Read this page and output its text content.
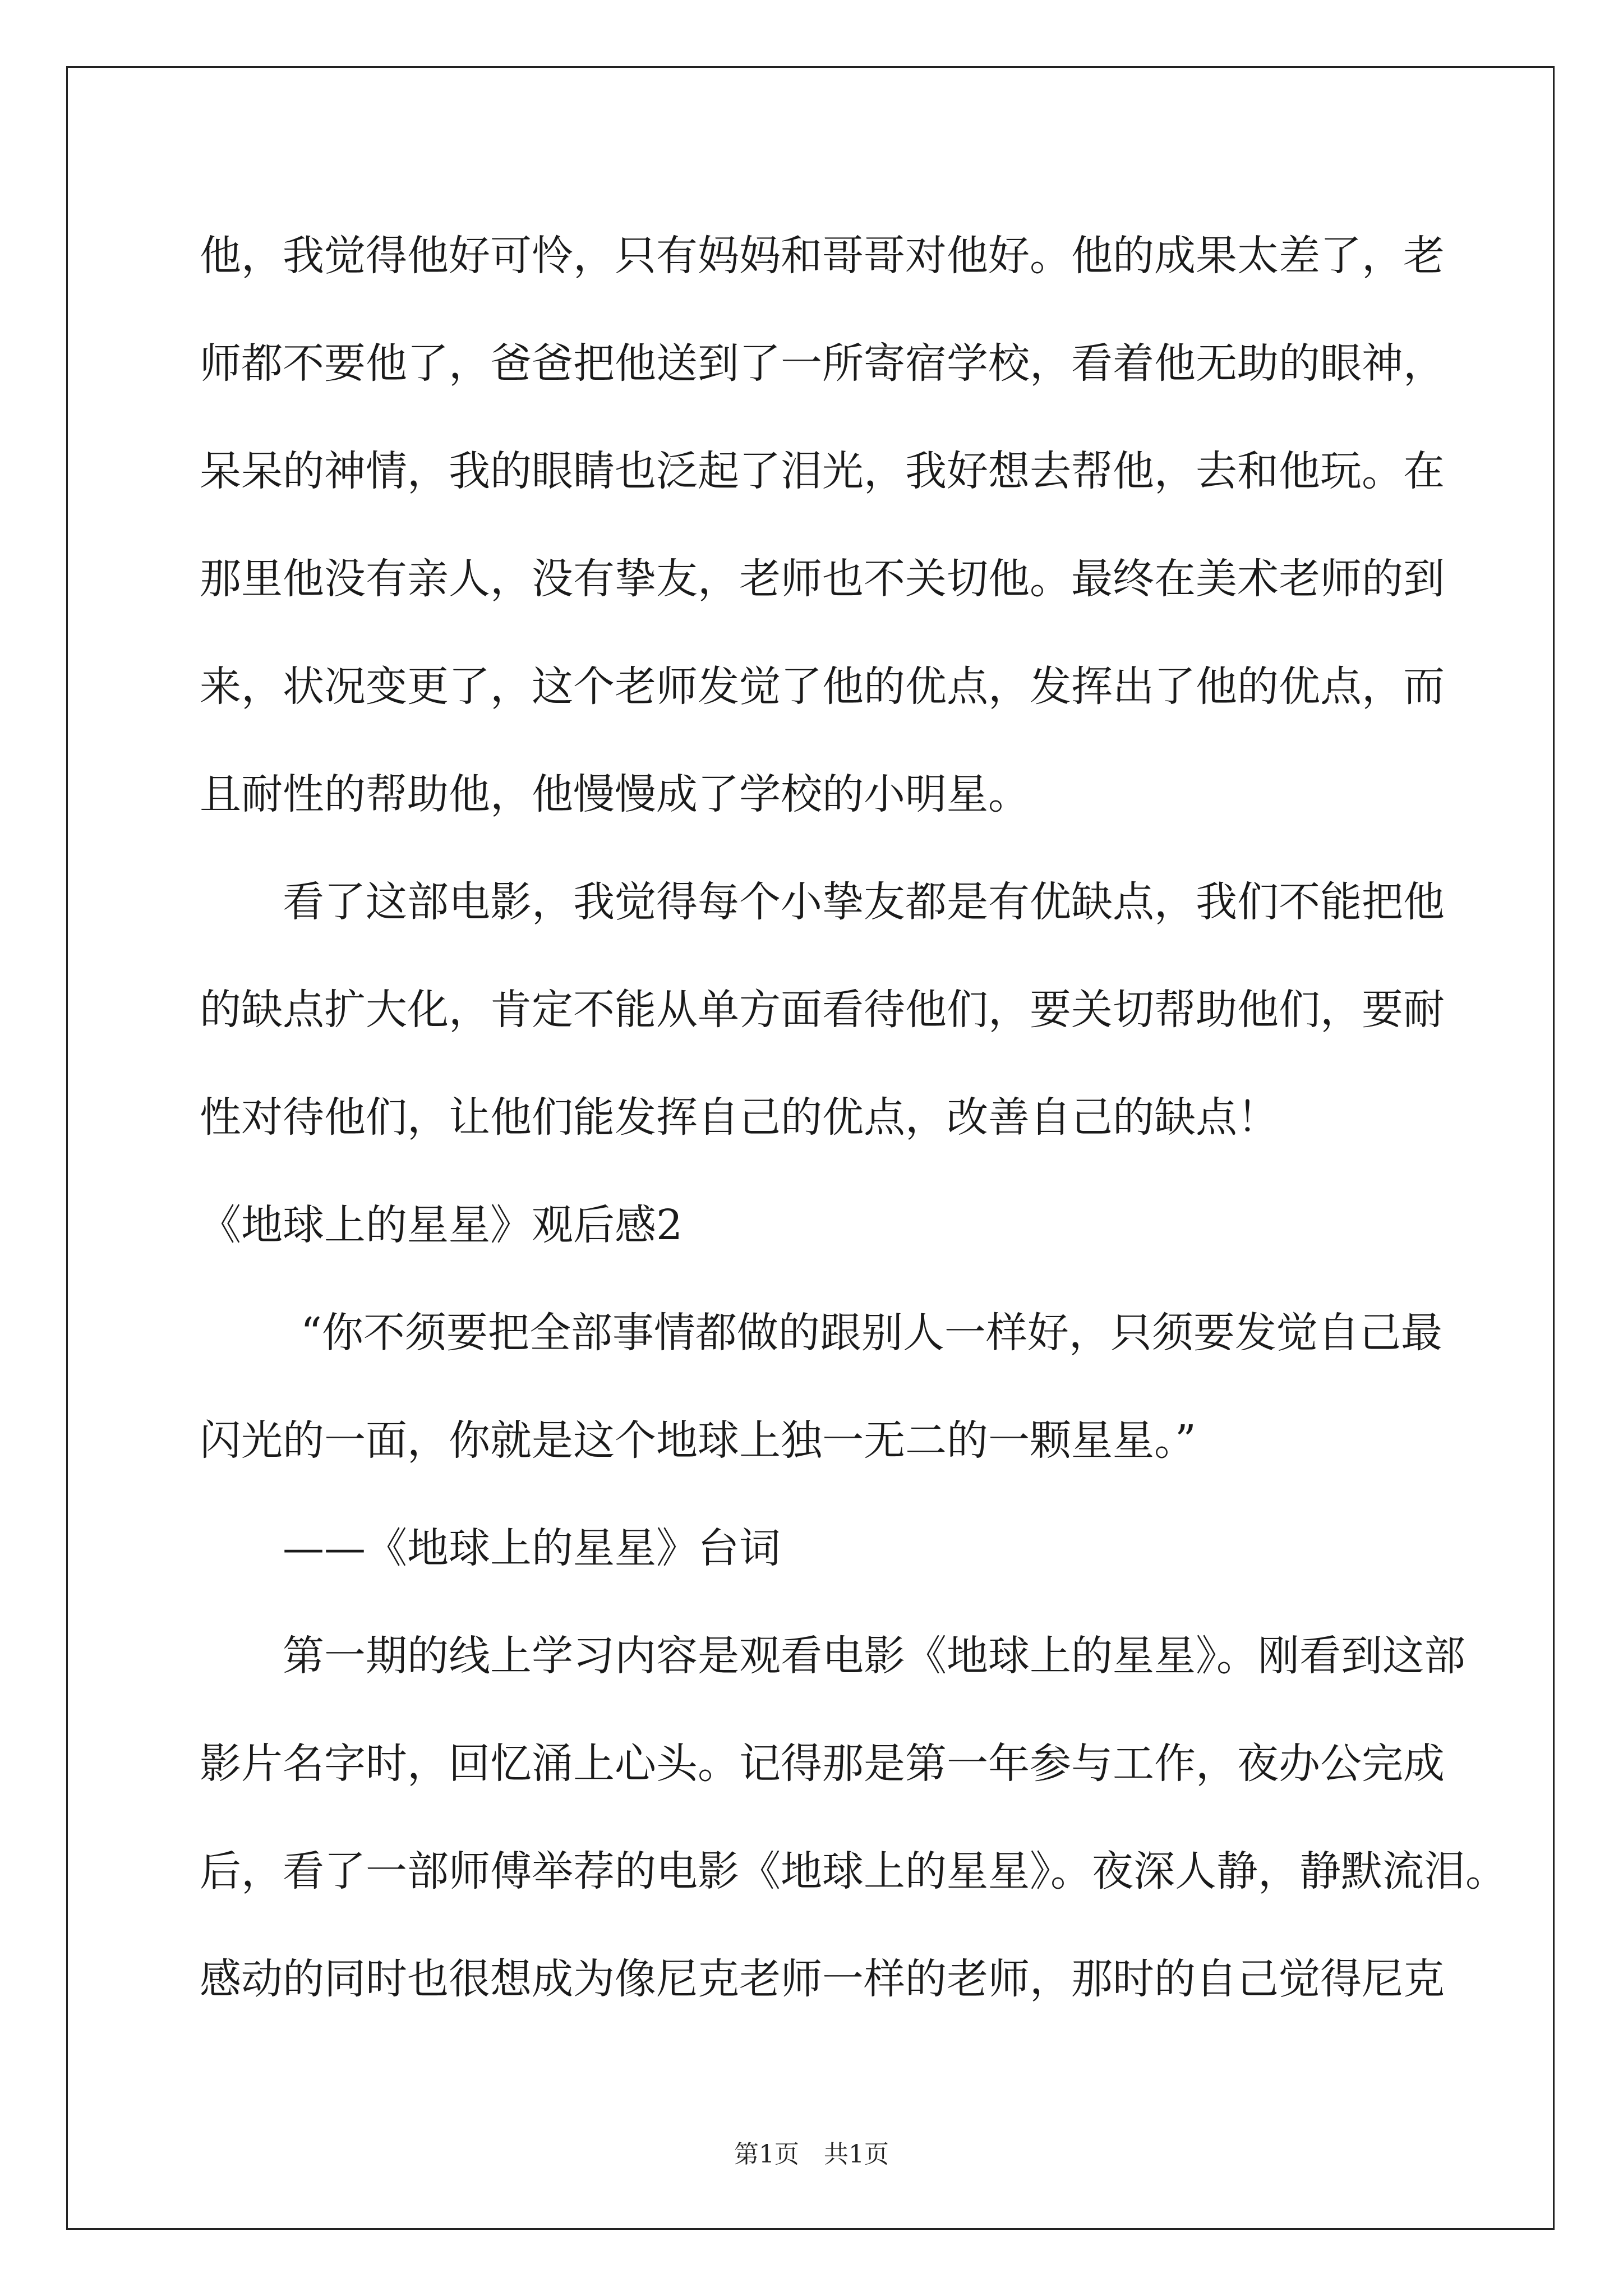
他，我觉得他好可怜，只有妈妈和哥哥对他好。他的成果太差了，老
师都不要他了，爸爸把他送到了一所寄宿学校，看着他无助的眼神，
呆呆的神情，我的眼睛也泛起了泪光，我好想去帮他，去和他玩。在
那里他没有亲人，没有挚友，老师也不关切他。最终在美术老师的到
来，状况变更了，这个老师发觉了他的优点，发挥出了他的优点，而
且耐性的帮助他，他慢慢成了学校的小明星。
看了这部电影，我觉得每个小挚友都是有优缺点，我们不能把他
的缺点扩大化，肯定不能从单方面看待他们，要关切帮助他们，要耐
性对待他们，让他们能发挥自己的优点，改善自己的缺点！
《地球上的星星》观后感2
“你不须要把全部事情都做的跟别人一样好，只须要发觉自己最
闪光的一面，你就是这个地球上独一无二的一颗星星。”
——《地球上的星星》台词
第一期的线上学习内容是观看电影《地球上的星星》。刚看到这部
影片名字时，回忆涌上心头。记得那是第一年参与工作，夜办公完成
后，看了一部师傅举荐的电影《地球上的星星》。夜深人静，静默流泪。
感动的同时也很想成为像尼克老师一样的老师，那时的自己觉得尼克
第1页　共1页
